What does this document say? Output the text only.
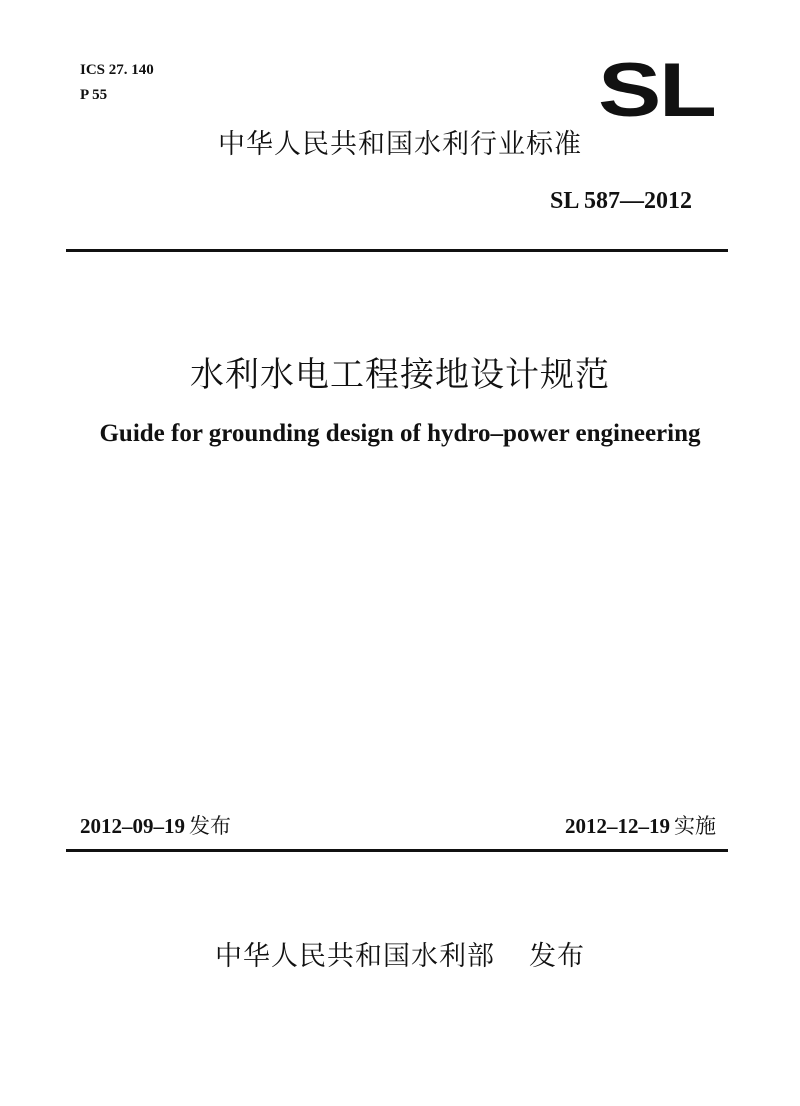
ICS 27. 140
P 55	SL
中华人民共和国水利行业标准
SL 587—2012
水利水电工程接地设计规范
Guide for grounding design of hydro–power engineering
2012–09–19 发布	2012–12–19 实施
中华人民共和国水利部 发布
